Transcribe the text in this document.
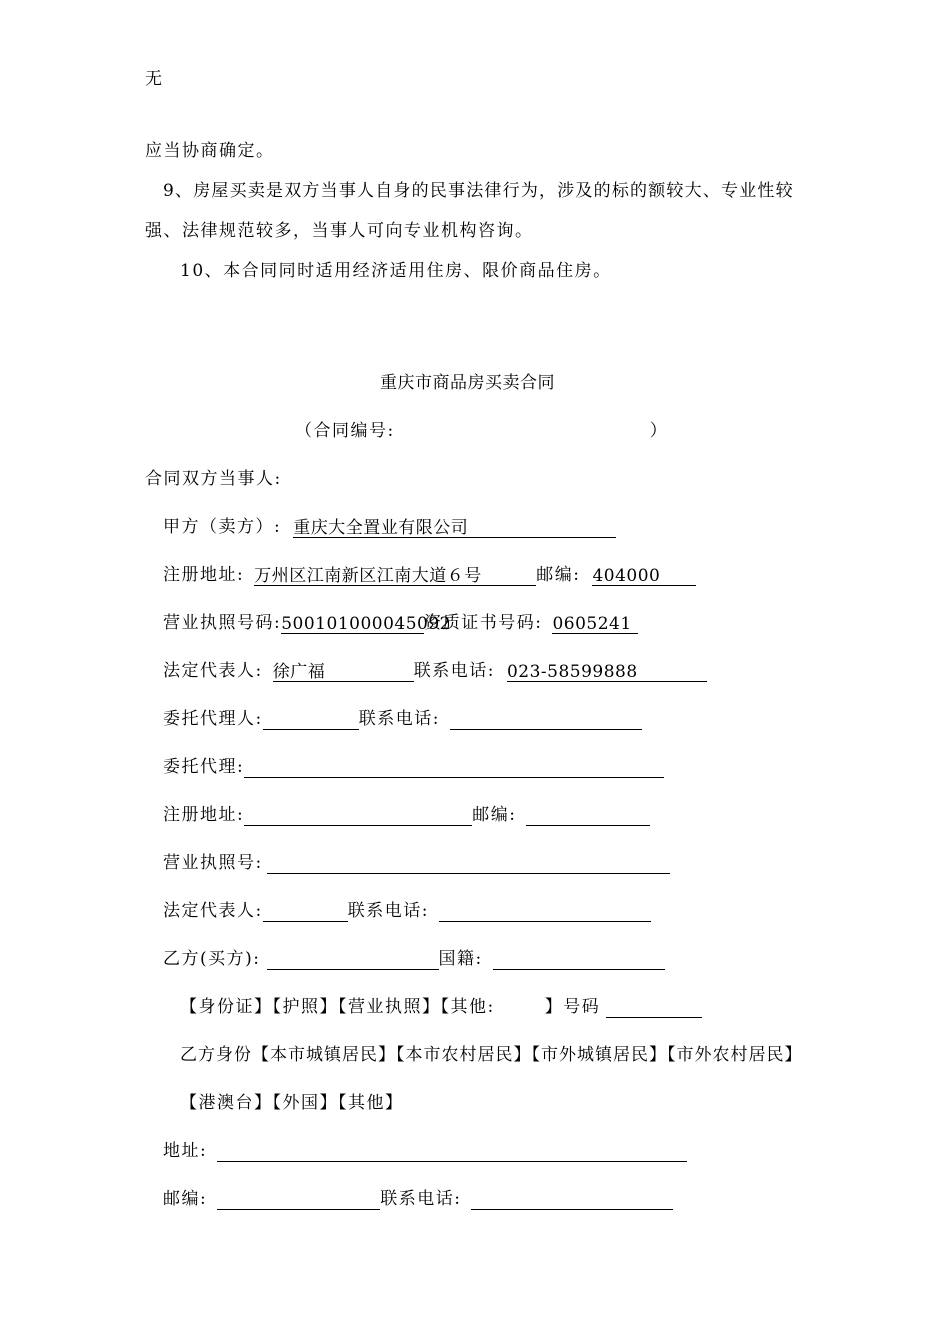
无
应当协商确定。
9、房屋买卖是双方当事人自身的民事法律行为，涉及的标的额较大、专业性较
强、法律规范较多，当事人可向专业机构咨询。
10、本合同同时适用经济适用住房、限价商品住房。
重庆市商品房买卖合同
（合同编号:	）
合同双方当事人:
甲方（卖方）: 重庆大全置业有限公司
注册地址: 万州区江南新区江南大道６号	邮编: 404000
营业执照号码:500101000045092资质证书号码: 0605241
法定代表人: 徐广福	联系电话: 023-58599888
委托代理人:	联系电话:
委托代理:
注册地址:	邮编:
营业执照号:
法定代表人:	联系电话:
乙方(买方):	国籍:
【身份证】【护照】【营业执照】【其他:	】号码
乙方身份【本市城镇居民】【本市农村居民】【市外城镇居民】【市外农村居民】
【港澳台】【外国】【其他】
地址:
邮编:	联系电话:
